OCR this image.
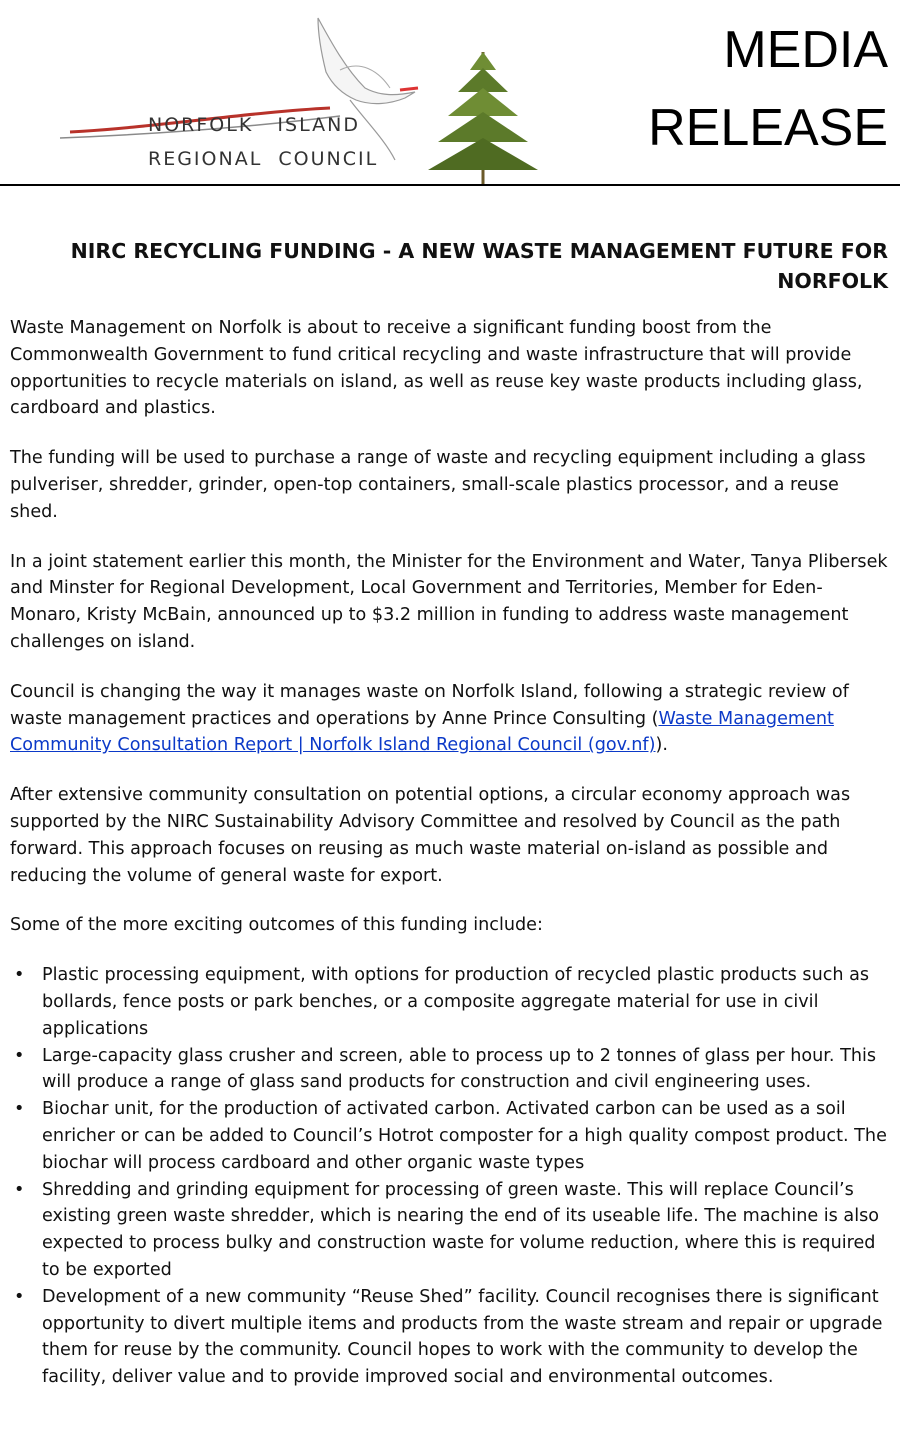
NORFOLK   ISLAND
REGIONAL  COUNCIL
MEDIA
RELEASE
NIRC RECYCLING FUNDING - A NEW WASTE MANAGEMENT FUTURE FOR NORFOLK

Waste Management on Norfolk is about to receive a significant funding boost from the Commonwealth Government to fund critical recycling and waste infrastructure that will provide opportunities to recycle materials on island, as well as reuse key waste products including glass, cardboard and plastics.

The funding will be used to purchase a range of waste and recycling equipment including a glass pulveriser, shredder, grinder, open-top containers, small-scale plastics processor, and a reuse shed.

In a joint statement earlier this month, the Minister for the Environment and Water, Tanya Plibersek and Minster for Regional Development, Local Government and Territories, Member for Eden-Monaro, Kristy McBain, announced up to $3.2 million in funding to address waste management challenges on island.

Council is changing the way it manages waste on Norfolk Island, following a strategic review of waste management practices and operations by Anne Prince Consulting (Waste Management Community Consultation Report | Norfolk Island Regional Council (gov.nf)).

After extensive community consultation on potential options, a circular economy approach was supported by the NIRC Sustainability Advisory Committee and resolved by Council as the path forward. This approach focuses on reusing as much waste material on-island as possible and reducing the volume of general waste for export.

Some of the more exciting outcomes of this funding include:

• Plastic processing equipment, with options for production of recycled plastic products such as bollards, fence posts or park benches, or a composite aggregate material for use in civil applications
• Large-capacity glass crusher and screen, able to process up to 2 tonnes of glass per hour. This will produce a range of glass sand products for construction and civil engineering uses.
• Biochar unit, for the production of activated carbon. Activated carbon can be used as a soil enricher or can be added to Council’s Hotrot composter for a high quality compost product. The biochar will process cardboard and other organic waste types
• Shredding and grinding equipment for processing of green waste. This will replace Council’s existing green waste shredder, which is nearing the end of its useable life. The machine is also expected to process bulky and construction waste for volume reduction, where this is required to be exported
• Development of a new community “Reuse Shed” facility. Council recognises there is significant opportunity to divert multiple items and products from the waste stream and repair or upgrade them for reuse by the community. Council hopes to work with the community to develop the facility, deliver value and to provide improved social and environmental outcomes.
